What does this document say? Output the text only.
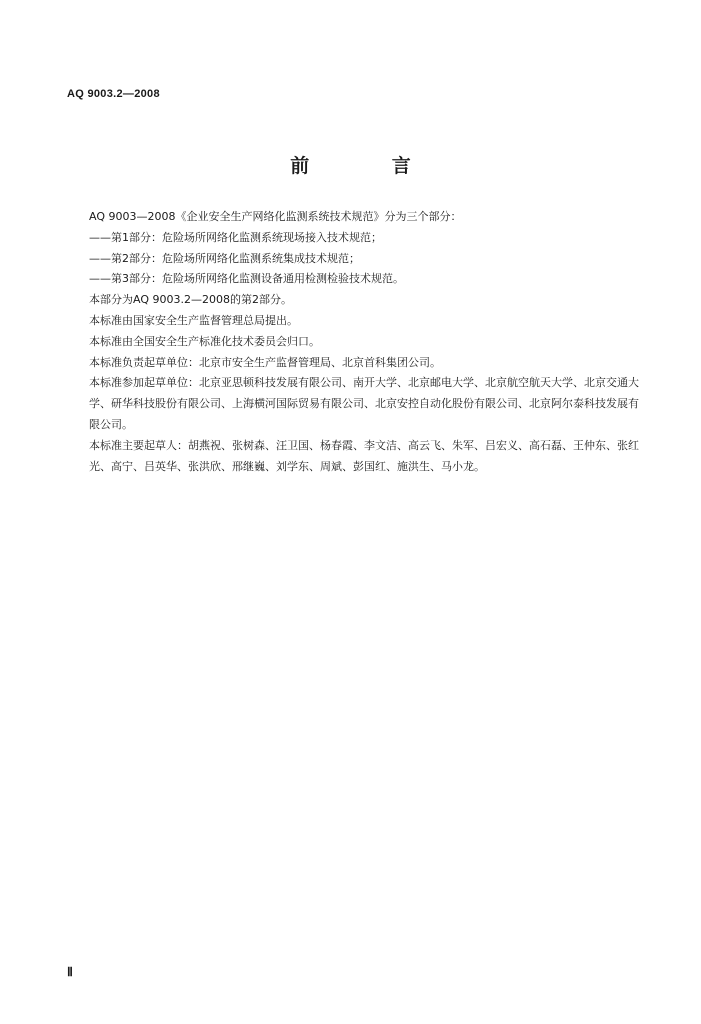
AQ 9003.2—2008
前 言

AQ 9003—2008《企业安全生产网络化监测系统技术规范》分为三个部分：

——第1部分：危险场所网络化监测系统现场接入技术规范；

——第2部分：危险场所网络化监测系统集成技术规范；

——第3部分：危险场所网络化监测设备通用检测检验技术规范。

本部分为AQ 9003.2—2008的第2部分。

本标准由国家安全生产监督管理总局提出。

本标准由全国安全生产标准化技术委员会归口。

本标准负责起草单位：北京市安全生产监督管理局、北京首科集团公司。

本标准参加起草单位：北京亚思顿科技发展有限公司、南开大学、北京邮电大学、北京航空航天大学、北京交通大学、研华科技股份有限公司、上海横河国际贸易有限公司、北京安控自动化股份有限公司、北京阿尔泰科技发展有限公司。

本标准主要起草人：胡燕祝、张树森、汪卫国、杨春霞、李文洁、高云飞、朱军、吕宏义、高石磊、王仲东、张红光、高宁、吕英华、张洪欣、邢继巍、刘学东、周斌、彭国红、施洪生、马小龙。

Ⅱ
